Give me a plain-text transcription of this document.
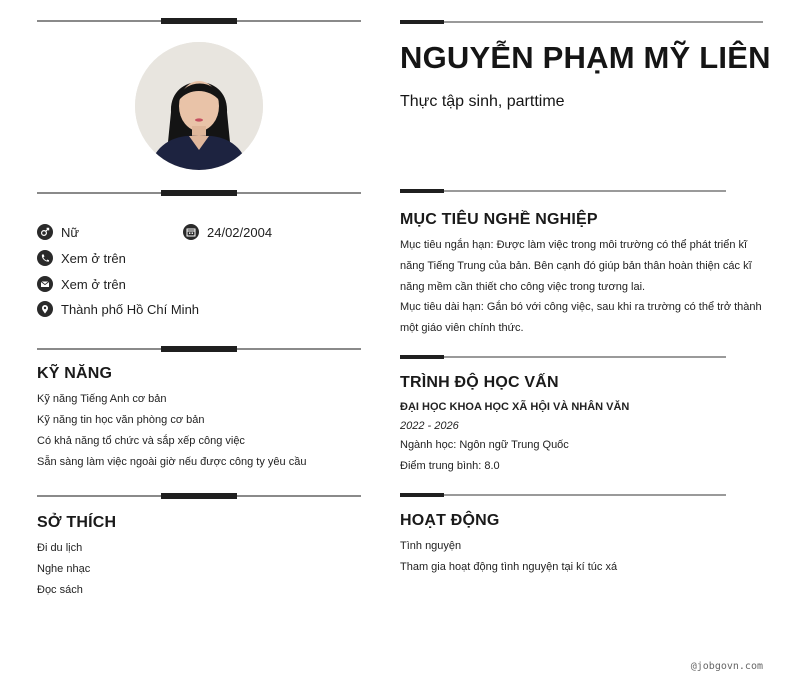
Nữ	24/02/2004
Xem ở trên
Xem ở trên
Thành phố Hồ Chí Minh
KỸ NĂNG
Kỹ năng Tiếng Anh cơ bản
Kỹ năng tin học văn phòng cơ bản
Có khả năng tổ chức và sắp xếp công việc
Sẵn sàng làm việc ngoài giờ nếu được công ty yêu cầu
SỞ THÍCH
Đi du lịch
Nghe nhạc
Đọc sách
NGUYỄN PHẠM MỸ LIÊN
Thực tập sinh, parttime
MỤC TIÊU NGHỀ NGHIỆP
Mục tiêu ngắn hạn: Được làm việc trong môi trường có thể phát triển kĩ năng Tiếng Trung của bản. Bên cạnh đó giúp bản thân hoàn thiện các kĩ năng mềm cần thiết cho công việc trong tương lai.
Mục tiêu dài hạn: Gắn bó với công việc, sau khi ra trường có thể trở thành một giáo viên chính thức.
TRÌNH ĐỘ HỌC VẤN
ĐẠI HỌC KHOA HỌC XÃ HỘI VÀ NHÂN VĂN
2022 - 2026
Ngành học: Ngôn ngữ Trung Quốc
Điểm trung bình: 8.0
HOẠT ĐỘNG
Tình nguyện
Tham gia hoạt động tình nguyện tại kí túc xá
@jobgovn.com
